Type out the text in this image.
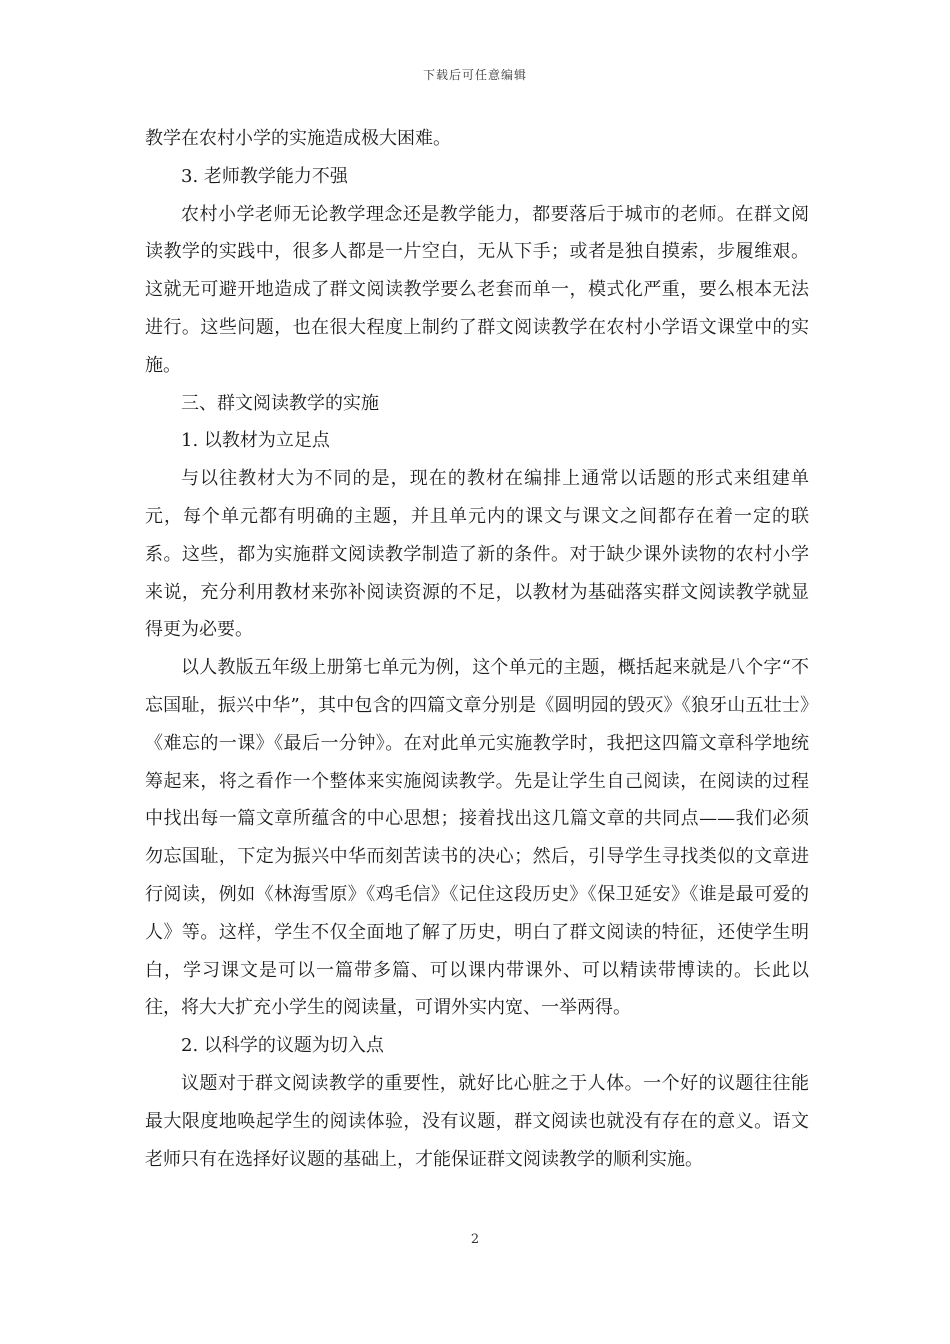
下载后可任意编辑

教学在农村小学的实施造成极大困难。

3. 老师教学能力不强

农村小学老师无论教学理念还是教学能力，都要落后于城市的老师。在群文阅读教学的实践中，很多人都是一片空白，无从下手；或者是独自摸索，步履维艰。这就无可避开地造成了群文阅读教学要么老套而单一，模式化严重，要么根本无法进行。这些问题，也在很大程度上制约了群文阅读教学在农村小学语文课堂中的实施。

三、群文阅读教学的实施

1. 以教材为立足点

与以往教材大为不同的是，现在的教材在编排上通常以话题的形式来组建单元，每个单元都有明确的主题，并且单元内的课文与课文之间都存在着一定的联系。这些，都为实施群文阅读教学制造了新的条件。对于缺少课外读物的农村小学来说，充分利用教材来弥补阅读资源的不足，以教材为基础落实群文阅读教学就显得更为必要。

以人教版五年级上册第七单元为例，这个单元的主题，概括起来就是八个字“不忘国耻，振兴中华”，其中包含的四篇文章分别是《圆明园的毁灭》《狼牙山五壮士》《难忘的一课》《最后一分钟》。在对此单元实施教学时，我把这四篇文章科学地统筹起来，将之看作一个整体来实施阅读教学。先是让学生自己阅读，在阅读的过程中找出每一篇文章所蕴含的中心思想；接着找出这几篇文章的共同点——我们必须勿忘国耻，下定为振兴中华而刻苦读书的决心；然后，引导学生寻找类似的文章进行阅读，例如《林海雪原》《鸡毛信》《记住这段历史》《保卫延安》《谁是最可爱的人》等。这样，学生不仅全面地了解了历史，明白了群文阅读的特征，还使学生明白，学习课文是可以一篇带多篇、可以课内带课外、可以精读带博读的。长此以往，将大大扩充小学生的阅读量，可谓外实内宽、一举两得。

2. 以科学的议题为切入点

议题对于群文阅读教学的重要性，就好比心脏之于人体。一个好的议题往往能最大限度地唤起学生的阅读体验，没有议题，群文阅读也就没有存在的意义。语文老师只有在选择好议题的基础上，才能保证群文阅读教学的顺利实施。

2
